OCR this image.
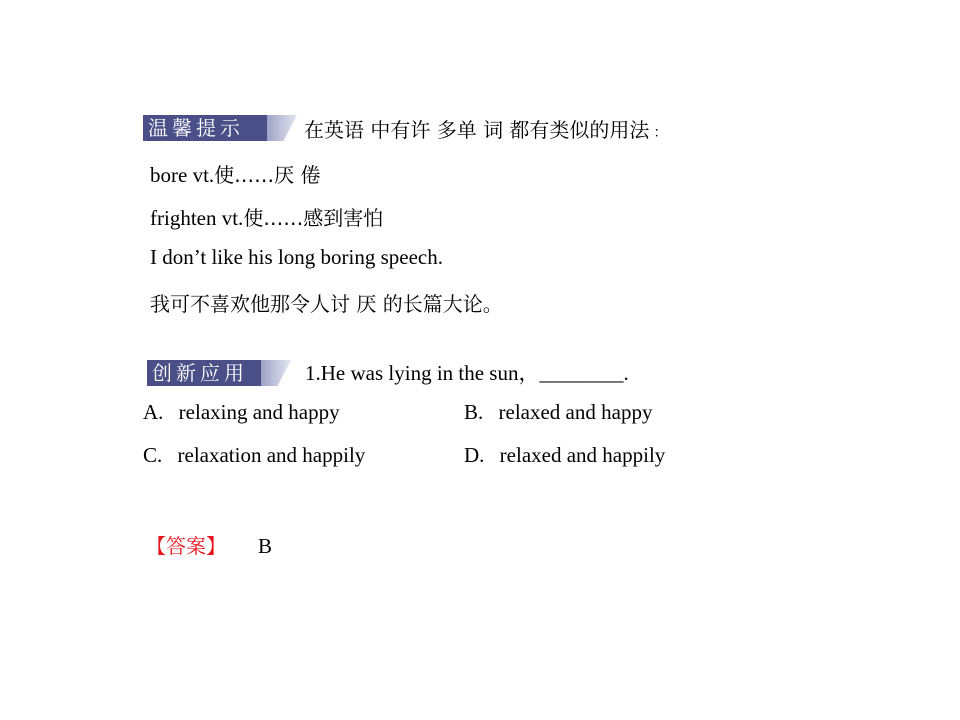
温馨提示	在英语 中有许 多单 词 都有类似的用法 ：
bore vt.使……厌 倦
frighten vt.使……感到害怕
I don’t like his long boring speech.
我可不喜欢他那令人讨 厌 的长篇大论。
创新应用	1.He was lying in the sun，________.
A. relaxing and happy	B. relaxed and happy
C. relaxation and happily	D. relaxed and happily
【答案】 B
